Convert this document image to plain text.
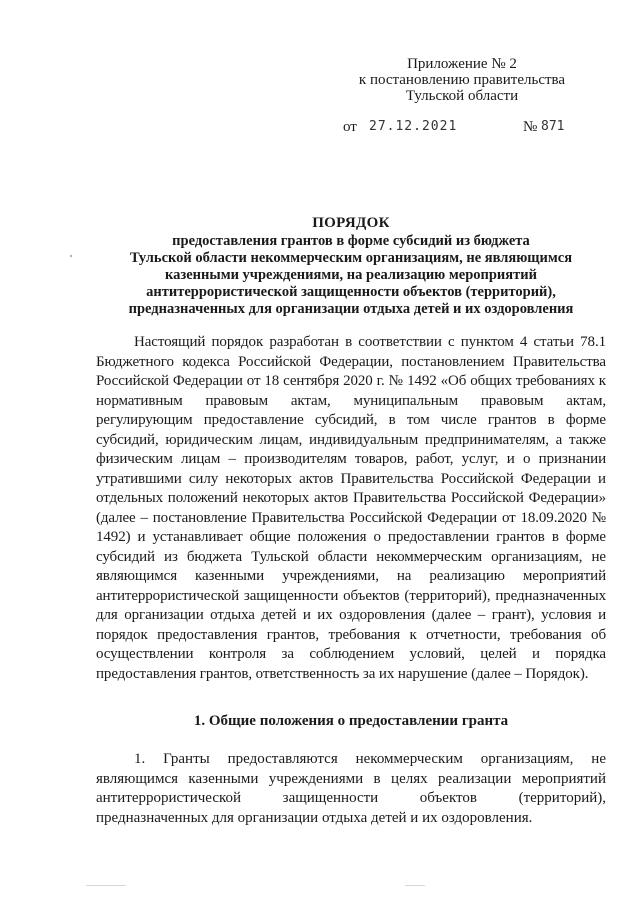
Приложение № 2
к постановлению правительства
Тульской области
от 27.12.2021	№ 871
ПОРЯДОК
предоставления грантов в форме субсидий из бюджета
Тульской области некоммерческим организациям, не являющимся
казенными учреждениями, на реализацию мероприятий
антитеррористической защищенности объектов (территорий),
предназначенных для организации отдыха детей и их оздоровления

Настоящий порядок разработан в соответствии с пунктом 4 статьи 78.1 Бюджетного кодекса Российской Федерации, постановлением Правительства Российской Федерации от 18 сентября 2020 г. № 1492 «Об общих требованиях к нормативным правовым актам, муниципальным правовым актам, регулирующим предоставление субсидий, в том числе грантов в форме субсидий, юридическим лицам, индивидуальным предпринимателям, а также физическим лицам – производителям товаров, работ, услуг, и о признании утратившими силу некоторых актов Правительства Российской Федерации и отдельных положений некоторых актов Правительства Российской Федерации» (далее – постановление Правительства Российской Федерации от 18.09.2020 № 1492) и устанавливает общие положения о предоставлении грантов в форме субсидий из бюджета Тульской области некоммерческим организациям, не являющимся казенными учреждениями, на реализацию мероприятий антитеррористической защищенности объектов (территорий), предназначенных для организации отдыха детей и их оздоровления (далее – грант), условия и порядок предоставления грантов, требования к отчетности, требования об осуществлении контроля за соблюдением условий, целей и порядка предоставления грантов, ответственность за их нарушение (далее – Порядок).

1. Общие положения о предоставлении гранта

1. Гранты предоставляются некоммерческим организациям, не являющимся казенными учреждениями в целях реализации мероприятий антитеррористической защищенности объектов (территорий), предназначенных для организации отдыха детей и их оздоровления.
